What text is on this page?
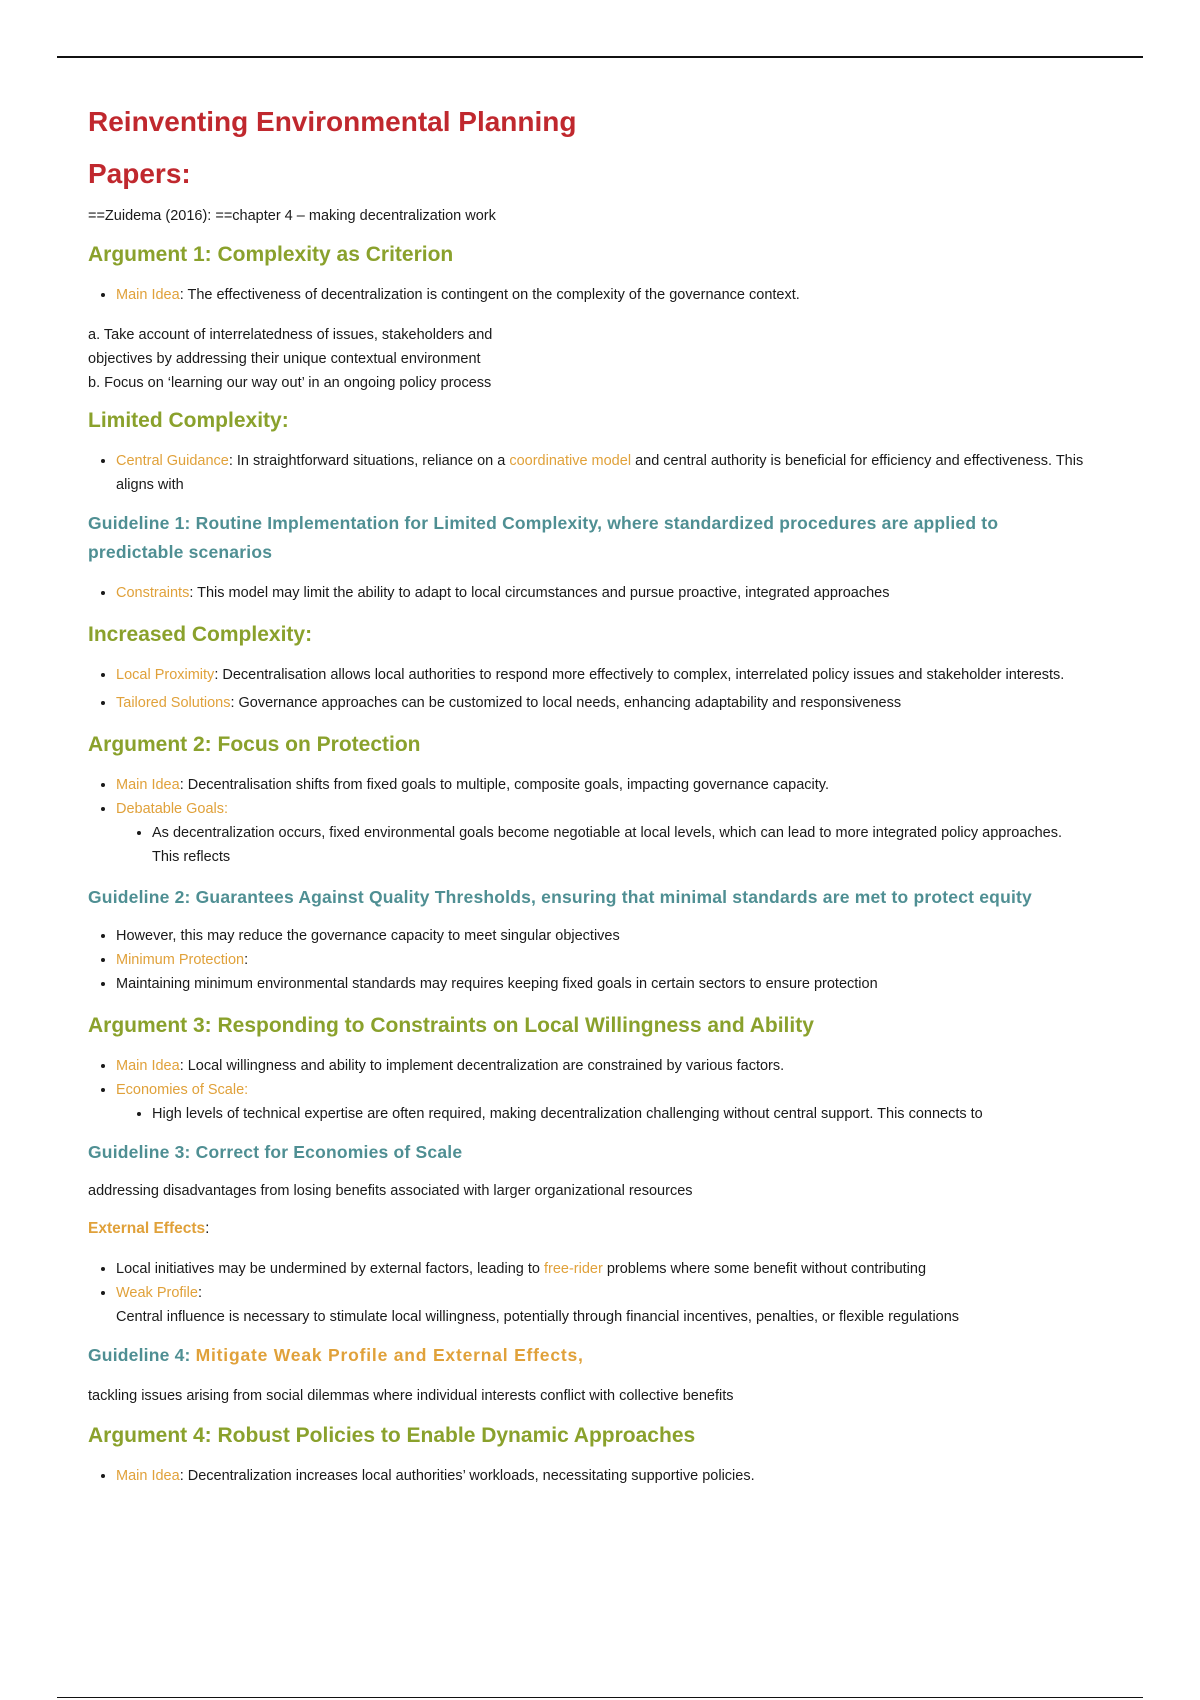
Reinventing Environmental Planning
Papers:

==Zuidema (2016): ==chapter 4 – making decentralization work

Argument 1: Complexity as Criterion
• Main Idea: The effectiveness of decentralization is contingent on the complexity of the governance context.

a. Take account of interrelatedness of issues, stakeholders and

objectives by addressing their unique contextual environment

b. Focus on ‘learning our way out’ in an ongoing policy process

Limited Complexity:
• Central Guidance: In straightforward situations, reliance on a coordinative model and central authority is beneficial for efficiency and effectiveness. This aligns with
Guideline 1: Routine Implementation for Limited Complexity, where standardized procedures are applied to predictable scenarios
• Constraints: This model may limit the ability to adapt to local circumstances and pursue proactive, integrated approaches
Increased Complexity:
• Local Proximity: Decentralisation allows local authorities to respond more effectively to complex, interrelated policy issues and stakeholder interests.
• Tailored Solutions: Governance approaches can be customized to local needs, enhancing adaptability and responsiveness
Argument 2: Focus on Protection
• Main Idea: Decentralisation shifts from fixed goals to multiple, composite goals, impacting governance capacity.
• Debatable Goals:
• As decentralization occurs, fixed environmental goals become negotiable at local levels, which can lead to more integrated policy approaches. This reflects
Guideline 2: Guarantees Against Quality Thresholds, ensuring that minimal standards are met to protect equity
• However, this may reduce the governance capacity to meet singular objectives
• Minimum Protection:
• Maintaining minimum environmental standards may requires keeping fixed goals in certain sectors to ensure protection
Argument 3: Responding to Constraints on Local Willingness and Ability
• Main Idea: Local willingness and ability to implement decentralization are constrained by various factors.
• Economies of Scale:
• High levels of technical expertise are often required, making decentralization challenging without central support. This connects to
Guideline 3: Correct for Economies of Scale

addressing disadvantages from losing benefits associated with larger organizational resources

External Effects:

• Local initiatives may be undermined by external factors, leading to free-rider problems where some benefit without contributing
• Weak Profile:
Central influence is necessary to stimulate local willingness, potentially through financial incentives, penalties, or flexible regulations
Guideline 4: Mitigate Weak Profile and External Effects,

tackling issues arising from social dilemmas where individual interests conflict with collective benefits

Argument 4: Robust Policies to Enable Dynamic Approaches
• Main Idea: Decentralization increases local authorities’ workloads, necessitating supportive policies.
